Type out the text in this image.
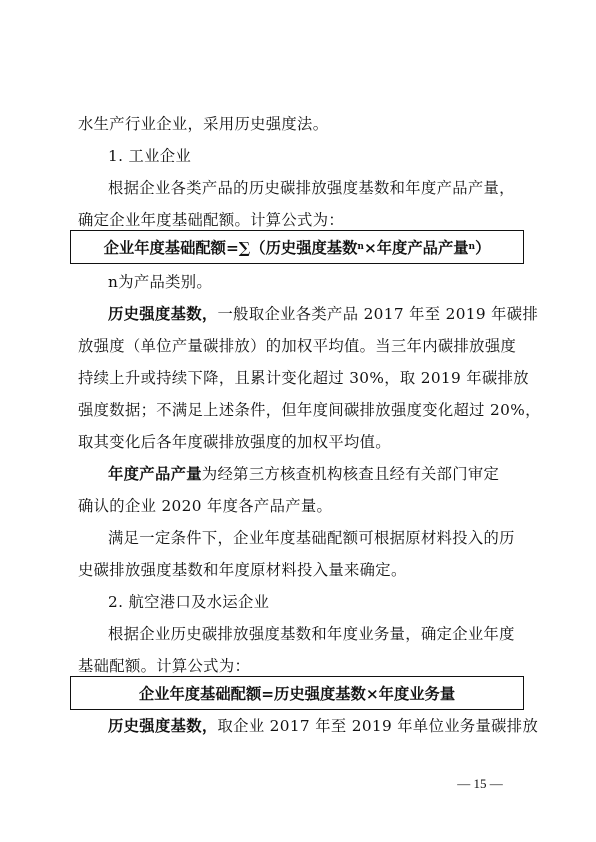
水生产行业企业，采用历史强度法。
1. 工业企业
根据企业各类产品的历史碳排放强度基数和年度产品产量，
确定企业年度基础配额。计算公式为：
企业年度基础配额=∑（历史强度基数 n ×年度产品产量 n ）
n为产品类别。
历史强度基数，一般取企业各类产品 2017 年至 2019 年碳排
放强度（单位产量碳排放）的加权平均值。当三年内碳排放强度
持续上升或持续下降，且累计变化超过 30%，取 2019 年碳排放
强度数据；不满足上述条件，但年度间碳排放强度变化超过 20%，
取其变化后各年度碳排放强度的加权平均值。
年度产品产量为经第三方核查机构核查且经有关部门审定
确认的企业 2020 年度各产品产量。
满足一定条件下，企业年度基础配额可根据原材料投入的历
史碳排放强度基数和年度原材料投入量来确定。
2. 航空港口及水运企业
根据企业历史碳排放强度基数和年度业务量，确定企业年度
基础配额。计算公式为：
企业年度基础配额=历史强度基数×年度业务量
历史强度基数，取企业 2017 年至 2019 年单位业务量碳排放
— 15 —
